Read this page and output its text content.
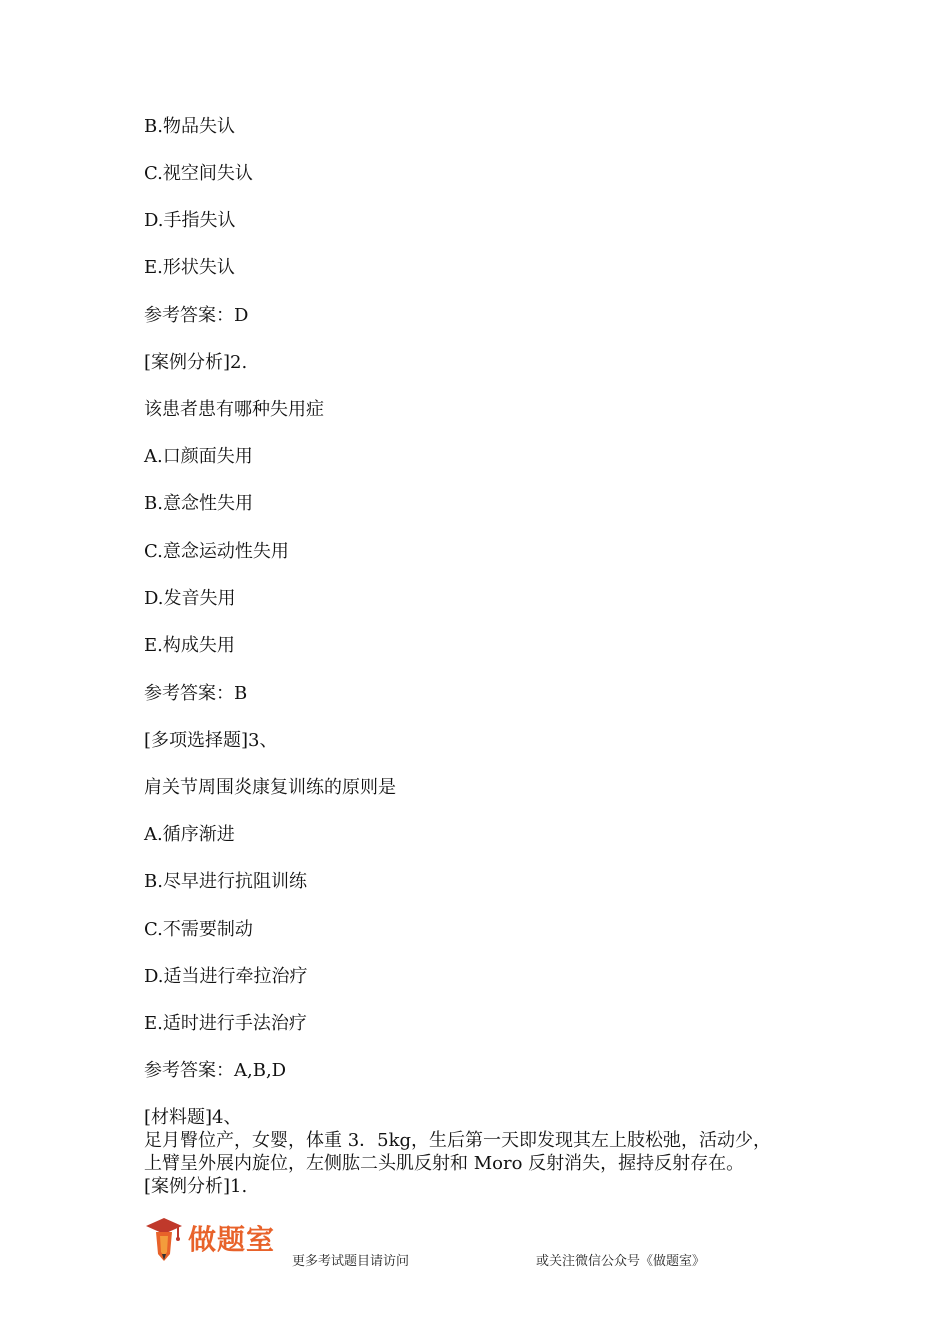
B.物品失认
C.视空间失认
D.手指失认
E.形状失认
参考答案：D
[案例分析]2.
该患者患有哪种失用症
A.口颜面失用
B.意念性失用
C.意念运动性失用
D.发音失用
E.构成失用
参考答案：B
[多项选择题]3、
肩关节周围炎康复训练的原则是
A.循序渐进
B.尽早进行抗阻训练
C.不需要制动
D.适当进行牵拉治疗
E.适时进行手法治疗
参考答案：A,B,D
[材料题]4、
足月臀位产，女婴，体重 3．5kg，生后第一天即发现其左上肢松弛，活动少，
上臂呈外展内旋位，左侧肱二头肌反射和 Moro 反射消失，握持反射存在。
[案例分析]1.
做题室
更多考试题目请访问	或关注微信公众号《做题室》
